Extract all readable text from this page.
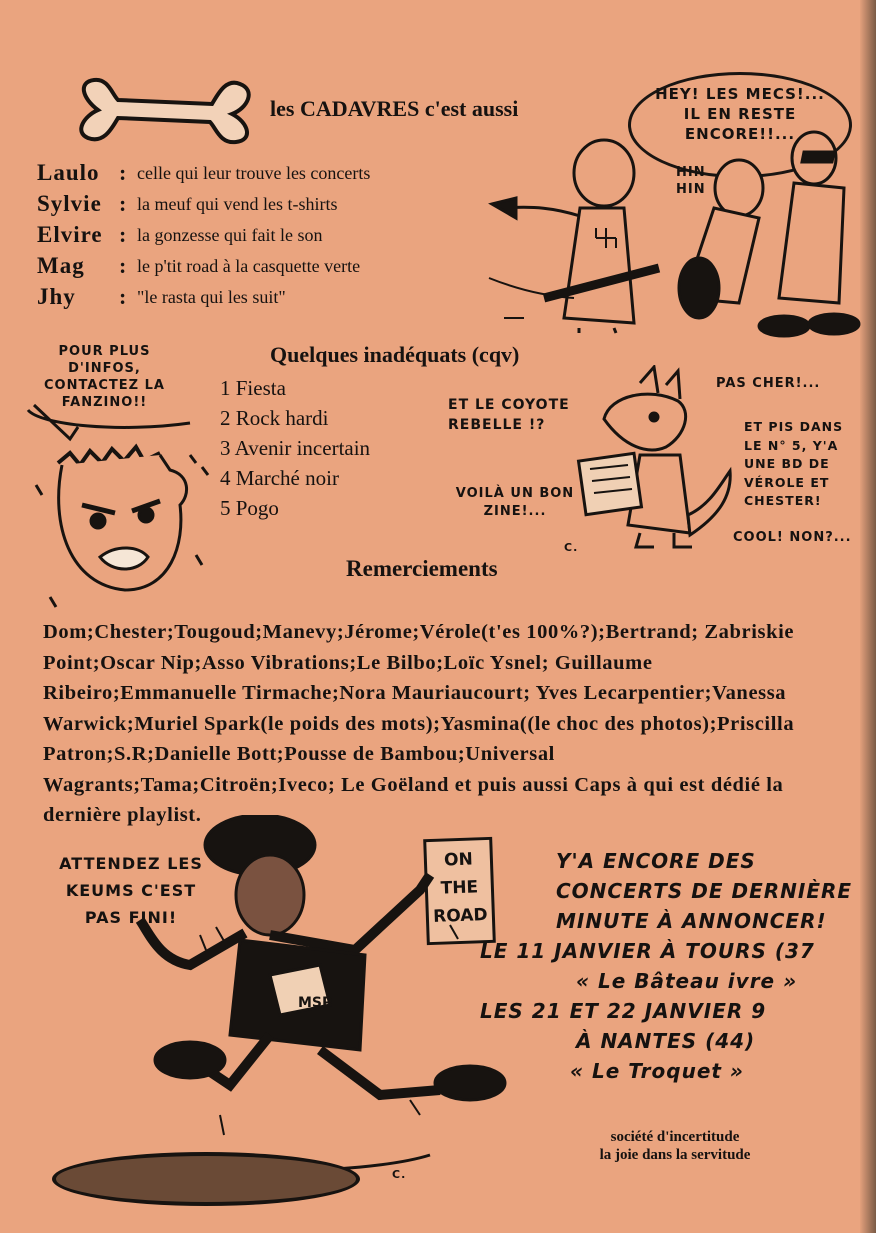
les CADAVRES c'est aussi
Laulo : celle qui leur trouve les concerts
Sylvie : la meuf qui vend les t-shirts
Elvire : la gonzesse qui fait le son
Mag : le p'tit road à la casquette verte
Jhy : "le rasta qui les suit"
HEY! LES MECS!... IL EN RESTE ENCORE!!...
HIN HIN
POUR PLUS D'INFOS, CONTACTEZ LA FANZINO!!
Quelques inadéquats (cqv)
1 Fiesta
2 Rock hardi
3 Avenir incertain
4 Marché noir
5 Pogo
ET LE COYOTE REBELLE !?
VOILÀ UN BON ZINE!...
PAS CHER!...
ET PIS DANS LE N° 5, Y'A UNE BD DE VÉROLE ET CHESTER!
COOL! NON?...
C.
Remerciements
Dom;Chester;Tougoud;Manevy;Jérome;Vérole(t'es 100%?);Bertrand; Zabriskie Point;Oscar Nip;Asso Vibrations;Le Bilbo;Loïc Ysnel; Guillaume Ribeiro;Emmanuelle Tirmache;Nora Mauriaucourt; Yves Lecarpentier;Vanessa Warwick;Muriel Spark(le poids des mots);Yasmina((le choc des photos);Priscilla Patron;S.R;Danielle Bott;Pousse de Bambou;Universal Wagrants;Tama;Citroën;Iveco; Le Goëland et puis aussi Caps à qui est dédié la dernière playlist.
ATTENDEZ LES KEUMS C'EST PAS FINI!
ON THE ROAD
MSP
C.
Y'A ENCORE DES
CONCERTS DE DERNIÈRE
MINUTE À ANNONCER!
LE 11 JANVIER À TOURS (37
« Le Bâteau ivre »
LES 21 ET 22 JANVIER 9
À NANTES (44)
« Le Troquet »
société d'incertitude
la joie dans la servitude
